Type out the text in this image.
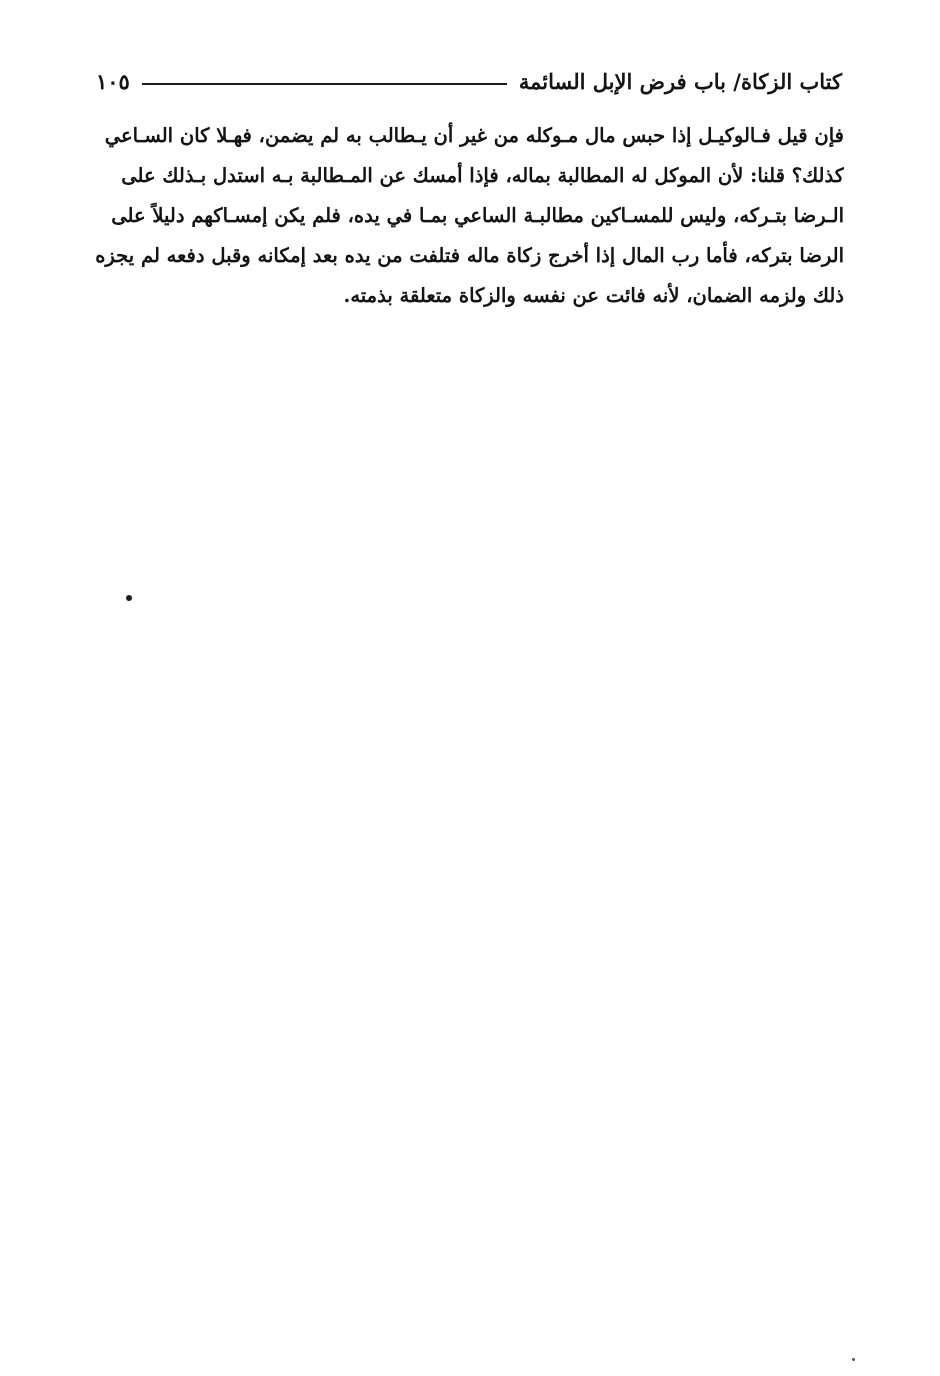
كتاب الزكاة/ باب فرض الإبل السائمة
١٠٥

فإن قيل فـالوكيـل إذا حبس مال مـوكله من غير أن يـطالب به لم يضمن، فهـلا كان السـاعي
كذلك؟ قلنا: لأن الموكل له المطالبة بماله، فإذا أمسك عن المـطالبة بـه استدل بـذلك على
الـرضا بتـركه، وليس للمسـاكين مطالبـة الساعي بمـا في يده، فلم يكن إمسـاكهم دليلاً على
الرضا بتركه، فأما رب المال إذا أخرج زكاة ماله فتلفت من يده بعد إمكانه وقبل دفعه لم يجزه
ذلك ولزمه الضمان، لأنه فائت عن نفسه والزكاة متعلقة بذمته.
